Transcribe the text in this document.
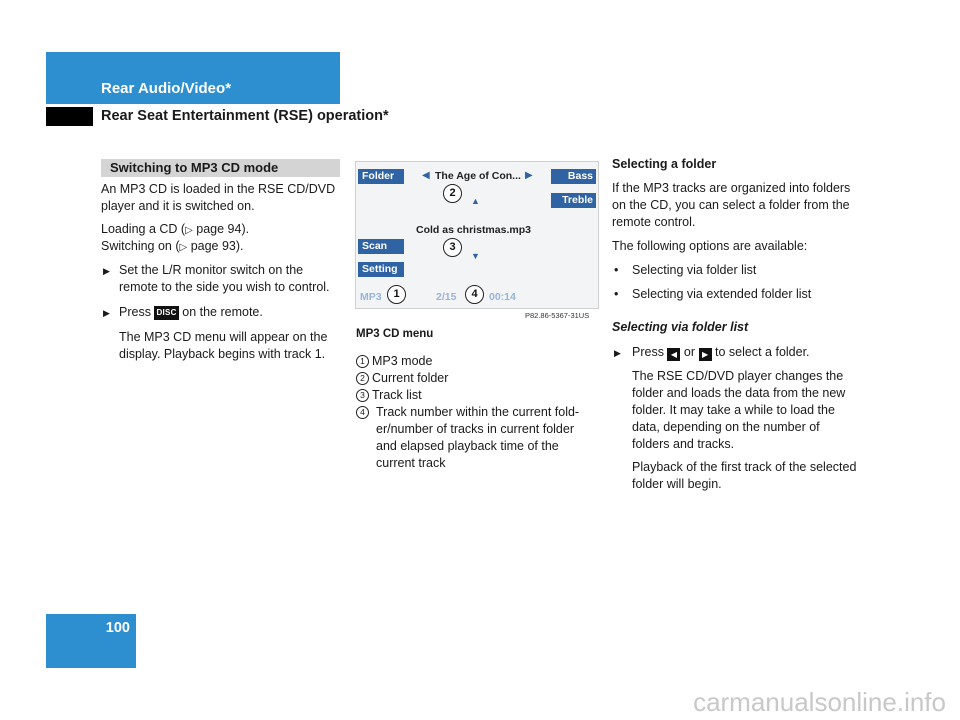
Rear Audio/Video*
Rear Seat Entertainment (RSE) operation*
Switching to MP3 CD mode
An MP3 CD is loaded in the RSE CD/DVD player and it is switched on.
Loading a CD (▷ page 94).
Switching on (▷ page 93).
▶ Set the L/R monitor switch on the remote to the side you wish to control.
▶ Press DISC on the remote.
The MP3 CD menu will appear on the display. Playback begins with track 1.
Folder	◀ The Age of Con... ▶	Bass
Treble
2
▲
Cold as christmas.mp3
Scan	3
▼
Setting
MP3	1	2/15	4	00:14
P82.86-5367-31US
MP3 CD menu
1 MP3 mode
2 Current folder
3 Track list
4 Track number within the current fold-er/number of tracks in current folder and elapsed playback time of the current track
Selecting a folder
If the MP3 tracks are organized into folders on the CD, you can select a folder from the remote control.
The following options are available:
• Selecting via folder list
• Selecting via extended folder list
Selecting via folder list
▶ Press ◀ or ▶ to select a folder.
The RSE CD/DVD player changes the folder and loads the data from the new folder. It may take a while to load the data, depending on the number of folders and tracks.
Playback of the first track of the selected folder will begin.
100
carmanualsonline.info
